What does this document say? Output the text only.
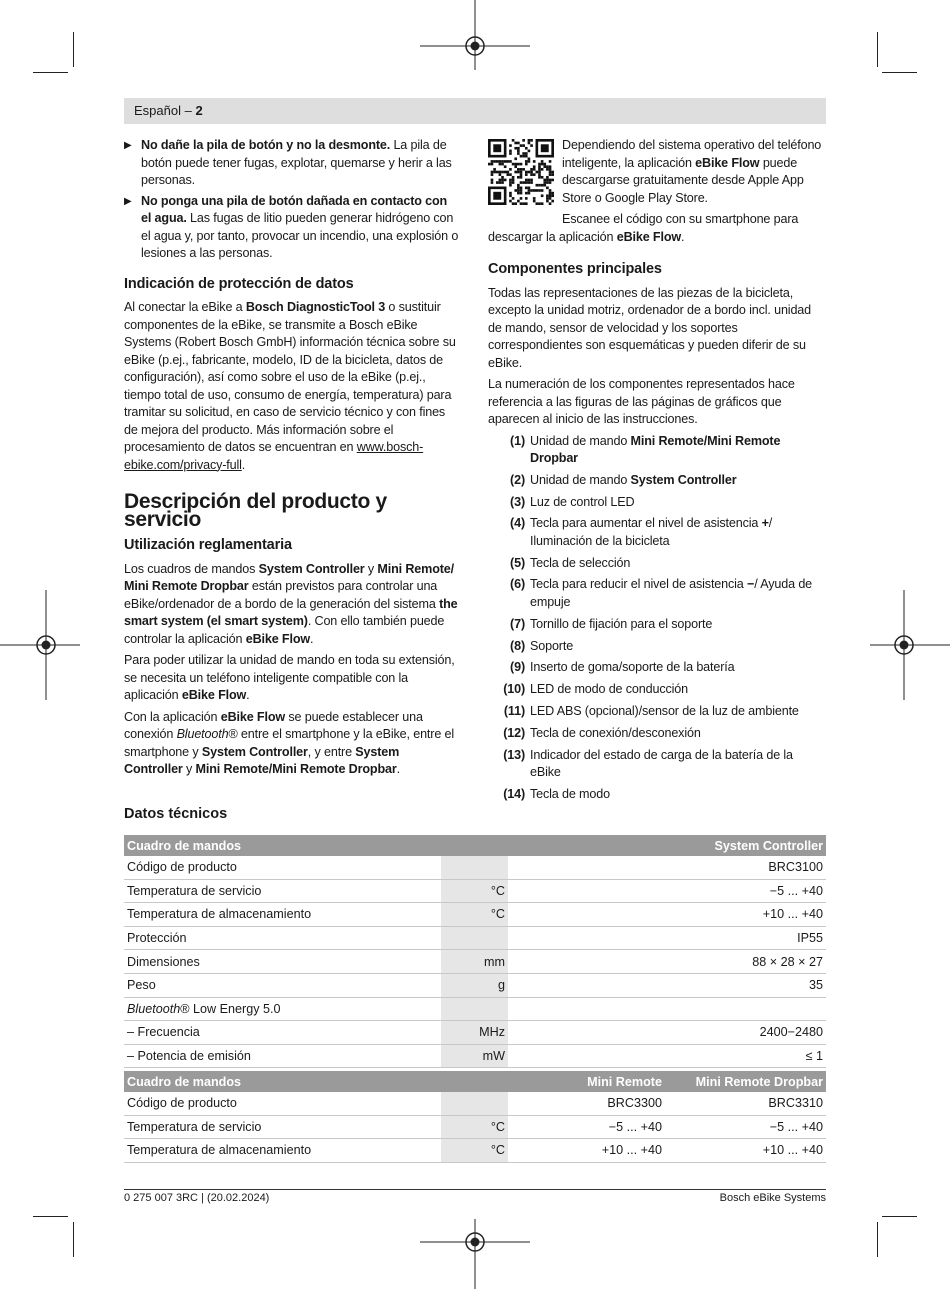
Español – 2
▶ No dañe la pila de botón y no la desmonte. La pila de botón puede tener fugas, explotar, quemarse y herir a las personas.
▶ No ponga una pila de botón dañada en contacto con el agua. Las fugas de litio pueden generar hidrógeno con el agua y, por tanto, provocar un incendio, una explosión o lesiones a las personas.
Indicación de protección de datos

Al conectar la eBike a Bosch DiagnosticTool 3 o sustituir componentes de la eBike, se transmite a Bosch eBike Systems (Robert Bosch GmbH) información técnica sobre su eBike (p.ej., fabricante, modelo, ID de la bicicleta, datos de configuración), así como sobre el uso de la eBike (p.ej., tiempo total de uso, consumo de energía, temperatura) para tramitar su solicitud, en caso de servicio técnico y con fines de mejora del producto. Más información sobre el procesamiento de datos se encuentran en www.bosch-ebike.com/privacy-full.

Descripción del producto y servicio
Utilización reglamentaria

Los cuadros de mandos System Controller y Mini Remote/ Mini Remote Dropbar están previstos para controlar una eBike/ordenador de a bordo de la generación del sistema the smart system (el smart system). Con ello también puede controlar la aplicación eBike Flow.

Para poder utilizar la unidad de mando en toda su extensión, se necesita un teléfono inteligente compatible con la aplicación eBike Flow.

Con la aplicación eBike Flow se puede establecer una conexión Bluetooth® entre el smartphone y la eBike, entre el smartphone y System Controller, y entre System Controller y Mini Remote/Mini Remote Dropbar.

Dependiendo del sistema operativo del teléfono inteligente, la aplicación eBike Flow puede descargarse gratuitamente desde Apple App Store o Google Play Store.

Escanee el código con su smartphone para descargar la aplicación eBike Flow.

Componentes principales

Todas las representaciones de las piezas de la bicicleta, excepto la unidad motriz, ordenador de a bordo incl. unidad de mando, sensor de velocidad y los soportes correspondientes son esquemáticas y pueden diferir de su eBike.

La numeración de los componentes representados hace referencia a las figuras de las páginas de gráficos que aparecen al inicio de las instrucciones.

(1) Unidad de mando Mini Remote/Mini Remote Dropbar
(2) Unidad de mando System Controller
(3) Luz de control LED
(4) Tecla para aumentar el nivel de asistencia +/ Iluminación de la bicicleta
(5) Tecla de selección
(6) Tecla para reducir el nivel de asistencia −/ Ayuda de empuje
(7) Tornillo de fijación para el soporte
(8) Soporte
(9) Inserto de goma/soporte de la batería
(10) LED de modo de conducción
(11) LED ABS (opcional)/sensor de la luz de ambiente
(12) Tecla de conexión/desconexión
(13) Indicador del estado de carga de la batería de la eBike
(14) Tecla de modo
Datos técnicos
Cuadro de mandos		System Controller
Código de producto		BRC3100
Temperatura de servicio	°C	−5 ... +40
Temperatura de almacenamiento	°C	+10 ... +40
Protección		IP55
Dimensiones	mm	88 × 28 × 27
Peso	g	35
Bluetooth® Low Energy 5.0		
– Frecuencia	MHz	2400−2480
– Potencia de emisión	mW	≤ 1
Cuadro de mandos		Mini Remote	Mini Remote Dropbar
Código de producto		BRC3300	BRC3310
Temperatura de servicio	°C	−5 ... +40	−5 ... +40
Temperatura de almacenamiento	°C	+10 ... +40	+10 ... +40
0 275 007 3RC | (20.02.2024)	Bosch eBike Systems
